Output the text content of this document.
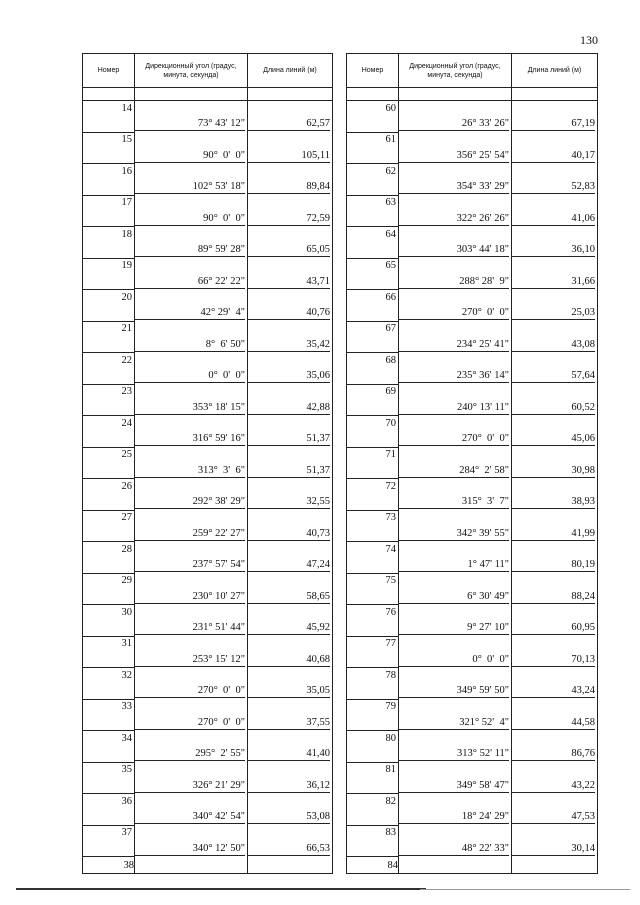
130
Номер	Дирекционный угол (градус, минута, секунда)	Длина линий (м)

14	73° 43' 12"	62,57

15	90°  0'  0"	105,11

16	102° 53' 18"	89,84

17	90°  0'  0"	72,59

18	89° 59' 28"	65,05

19	66° 22' 22"	43,71

20	42° 29'  4"	40,76

21	8°  6' 50"	35,42

22	0°  0'  0"	35,06

23	353° 18' 15"	42,88

24	316° 59' 16"	51,37

25	313°  3'  6"	51,37

26	292° 38' 29"	32,55

27	259° 22' 27"	40,73

28	237° 57' 54"	47,24

29	230° 10' 27"	58,65

30	231° 51' 44"	45,92

31	253° 15' 12"	40,68

32	270°  0'  0"	35,05

33	270°  0'  0"	37,55

34	295°  2' 55"	41,40

35	326° 21' 29"	36,12

36	340° 42' 54"	53,08

37	340° 12' 50"	66,53

38		
Номер	Дирекционный угол (градус, минута, секунда)	Длина линий (м)

60	26° 33' 26"	67,19

61	356° 25' 54"	40,17

62	354° 33' 29"	52,83

63	322° 26' 26"	41,06

64	303° 44' 18"	36,10

65	288° 28'  9"	31,66

66	270°  0'  0"	25,03

67	234° 25' 41"	43,08

68	235° 36' 14"	57,64

69	240° 13' 11"	60,52

70	270°  0'  0"	45,06

71	284°  2' 58"	30,98

72	315°  3'  7"	38,93

73	342° 39' 55"	41,99

74	1° 47' 11"	80,19

75	6° 30' 49"	88,24

76	9° 27' 10"	60,95

77	0°  0'  0"	70,13

78	349° 59' 50"	43,24

79	321° 52'  4"	44,58

80	313° 52' 11"	86,76

81	349° 58' 47"	43,22

82	18° 24' 29"	47,53

83	48° 22' 33"	30,14

84		
